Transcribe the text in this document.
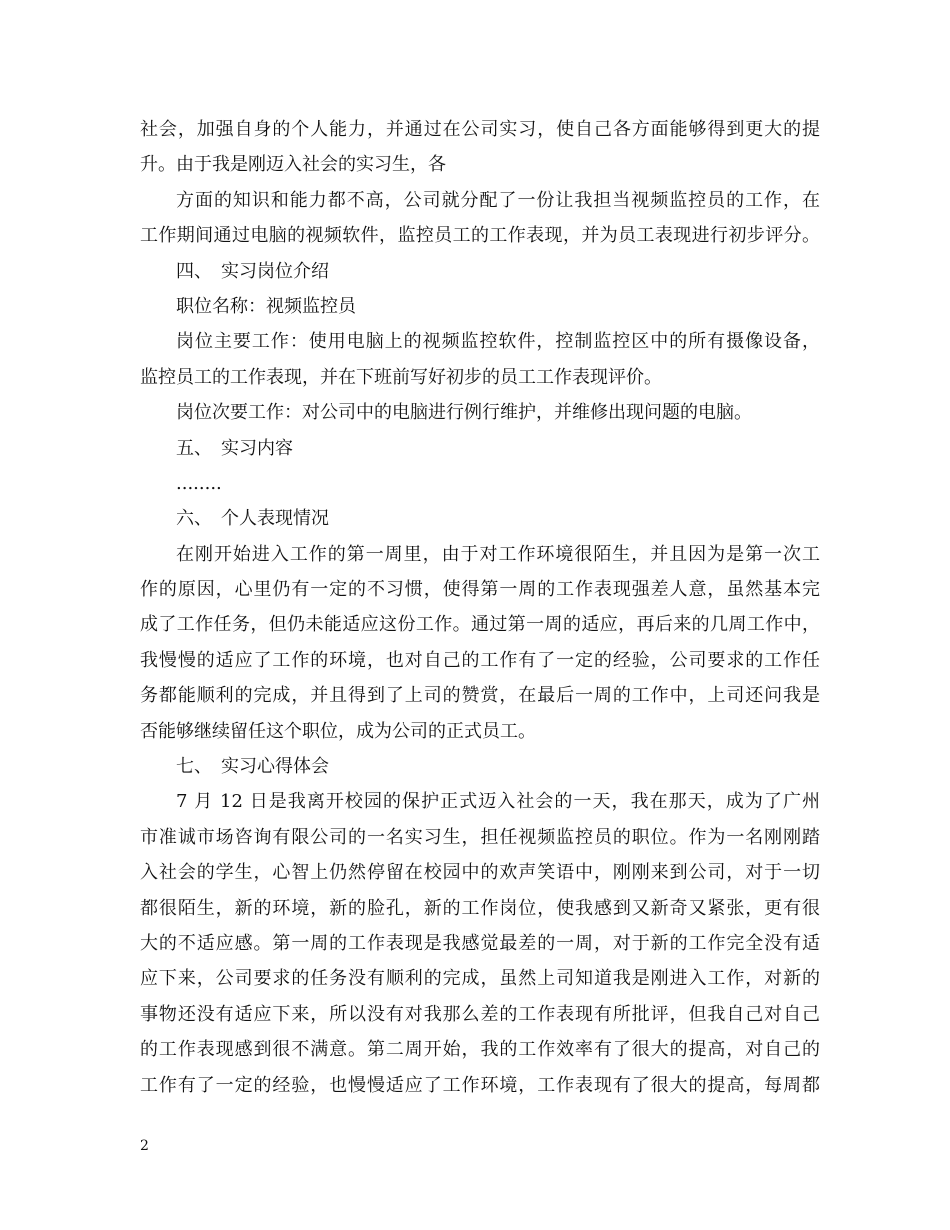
社会，加强自身的个人能力，并通过在公司实习，使自己各方面能够得到更大的提
升。由于我是刚迈入社会的实习生，各
方面的知识和能力都不高，公司就分配了一份让我担当视频监控员的工作，在
工作期间通过电脑的视频软件，监控员工的工作表现，并为员工表现进行初步评分。
四、　实习岗位介绍
职位名称：视频监控员
岗位主要工作：使用电脑上的视频监控软件，控制监控区中的所有摄像设备，
监控员工的工作表现，并在下班前写好初步的员工工作表现评价。
岗位次要工作：对公司中的电脑进行例行维护，并维修出现问题的电脑。
五、　实习内容
........
六、　个人表现情况
在刚开始进入工作的第一周里，由于对工作环境很陌生，并且因为是第一次工
作的原因，心里仍有一定的不习惯，使得第一周的工作表现强差人意，虽然基本完
成了工作任务，但仍未能适应这份工作。通过第一周的适应，再后来的几周工作中，
我慢慢的适应了工作的环境，也对自己的工作有了一定的经验，公司要求的工作任
务都能顺利的完成，并且得到了上司的赞赏，在最后一周的工作中，上司还问我是
否能够继续留任这个职位，成为公司的正式员工。
七、　实习心得体会
7 月 12 日是我离开校园的保护正式迈入社会的一天，我在那天，成为了广州
市准诚市场咨询有限公司的一名实习生，担任视频监控员的职位。作为一名刚刚踏
入社会的学生，心智上仍然停留在校园中的欢声笑语中，刚刚来到公司，对于一切
都很陌生，新的环境，新的脸孔，新的工作岗位，使我感到又新奇又紧张，更有很
大的不适应感。第一周的工作表现是我感觉最差的一周，对于新的工作完全没有适
应下来，公司要求的任务没有顺利的完成，虽然上司知道我是刚进入工作，对新的
事物还没有适应下来，所以没有对我那么差的工作表现有所批评，但我自己对自己
的工作表现感到很不满意。第二周开始，我的工作效率有了很大的提高，对自己的
工作有了一定的经验，也慢慢适应了工作环境，工作表现有了很大的提高，每周都
2
